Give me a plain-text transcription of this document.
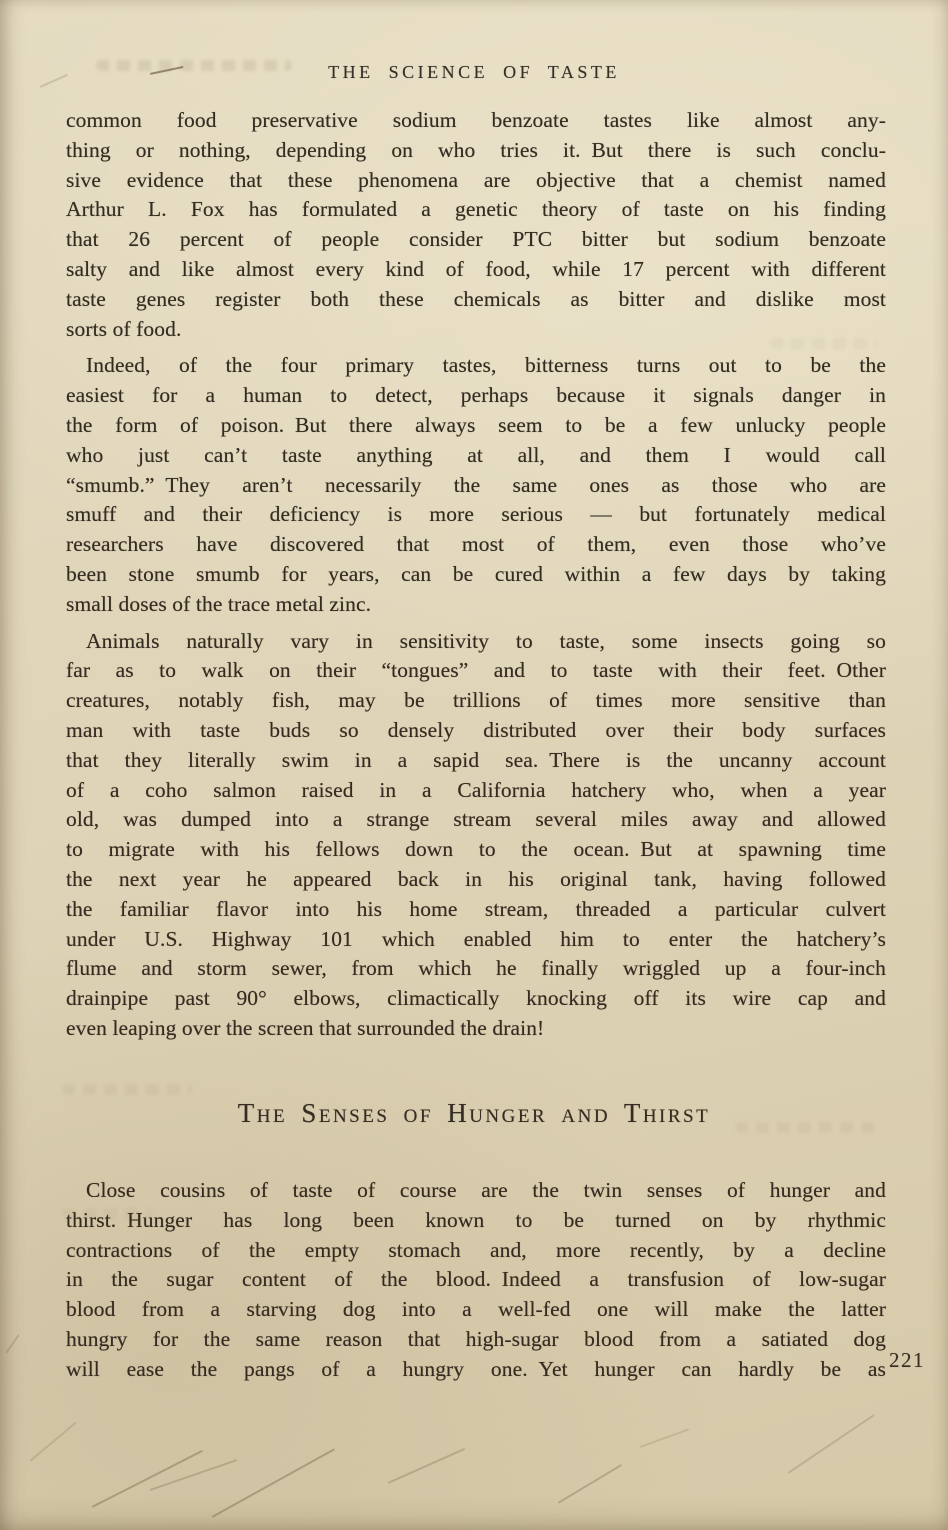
THE SCIENCE OF TASTE
common food preservative sodium benzoate tastes like almost any-
thing or nothing, depending on who tries it. But there is such conclu-
sive evidence that these phenomena are objective that a chemist named
Arthur L. Fox has formulated a genetic theory of taste on his finding
that 26 percent of people consider PTC bitter but sodium benzoate
salty and like almost every kind of food, while 17 percent with different
taste genes register both these chemicals as bitter and dislike most
sorts of food.
Indeed, of the four primary tastes, bitterness turns out to be the
easiest for a human to detect, perhaps because it signals danger in
the form of poison. But there always seem to be a few unlucky people
who just can’t taste anything at all, and them I would call
“smumb.” They aren’t necessarily the same ones as those who are
smuff and their deficiency is more serious — but fortunately medical
researchers have discovered that most of them, even those who’ve
been stone smumb for years, can be cured within a few days by taking
small doses of the trace metal zinc.
Animals naturally vary in sensitivity to taste, some insects going so
far as to walk on their “tongues” and to taste with their feet. Other
creatures, notably fish, may be trillions of times more sensitive than
man with taste buds so densely distributed over their body surfaces
that they literally swim in a sapid sea. There is the uncanny account
of a coho salmon raised in a California hatchery who, when a year
old, was dumped into a strange stream several miles away and allowed
to migrate with his fellows down to the ocean. But at spawning time
the next year he appeared back in his original tank, having followed
the familiar flavor into his home stream, threaded a particular culvert
under U.S. Highway 101 which enabled him to enter the hatchery’s
flume and storm sewer, from which he finally wriggled up a four-inch
drainpipe past 90° elbows, climactically knocking off its wire cap and
even leaping over the screen that surrounded the drain!
The Senses of Hunger and Thirst
Close cousins of taste of course are the twin senses of hunger and
thirst. Hunger has long been known to be turned on by rhythmic
contractions of the empty stomach and, more recently, by a decline
in the sugar content of the blood. Indeed a transfusion of low-sugar
blood from a starving dog into a well-fed one will make the latter
hungry for the same reason that high-sugar blood from a satiated dog
will ease the pangs of a hungry one. Yet hunger can hardly be as 221
